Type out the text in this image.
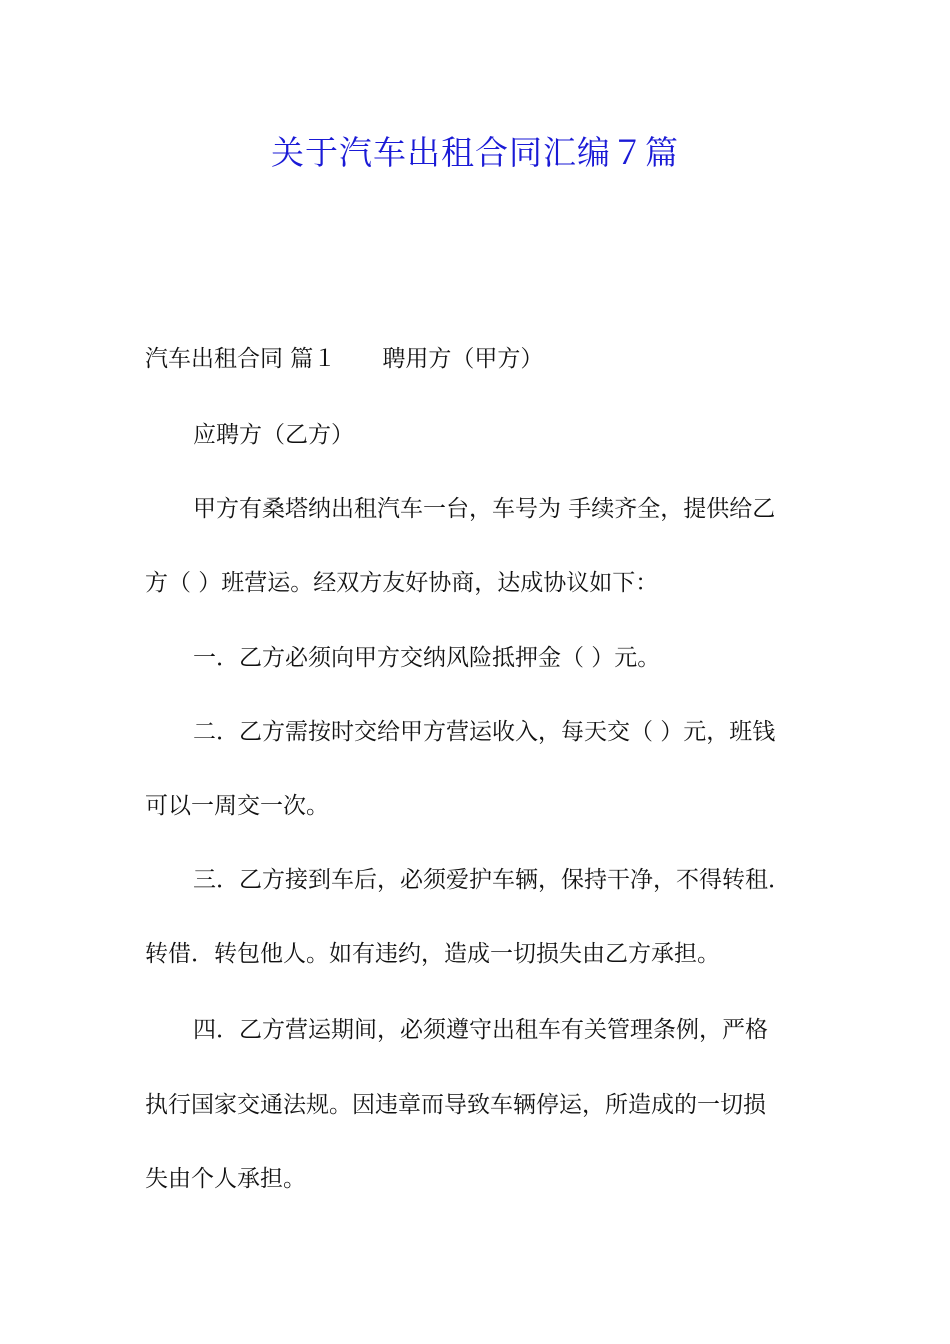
关于汽车出租合同汇编７篇

汽车出租合同 篇１ 聘用方（甲方）

应聘方（乙方）

甲方有桑塔纳出租汽车一台，车号为 手续齐全，提供给乙

方（ ）班营运。经双方友好协商，达成协议如下：

一．乙方必须向甲方交纳风险抵押金（ ）元。

二．乙方需按时交给甲方营运收入，每天交（ ）元，班钱

可以一周交一次。

三．乙方接到车后，必须爱护车辆，保持干净，不得转租．

转借．转包他人。如有违约，造成一切损失由乙方承担。

四．乙方营运期间，必须遵守出租车有关管理条例，严格

执行国家交通法规。因违章而导致车辆停运，所造成的一切损

失由个人承担。
